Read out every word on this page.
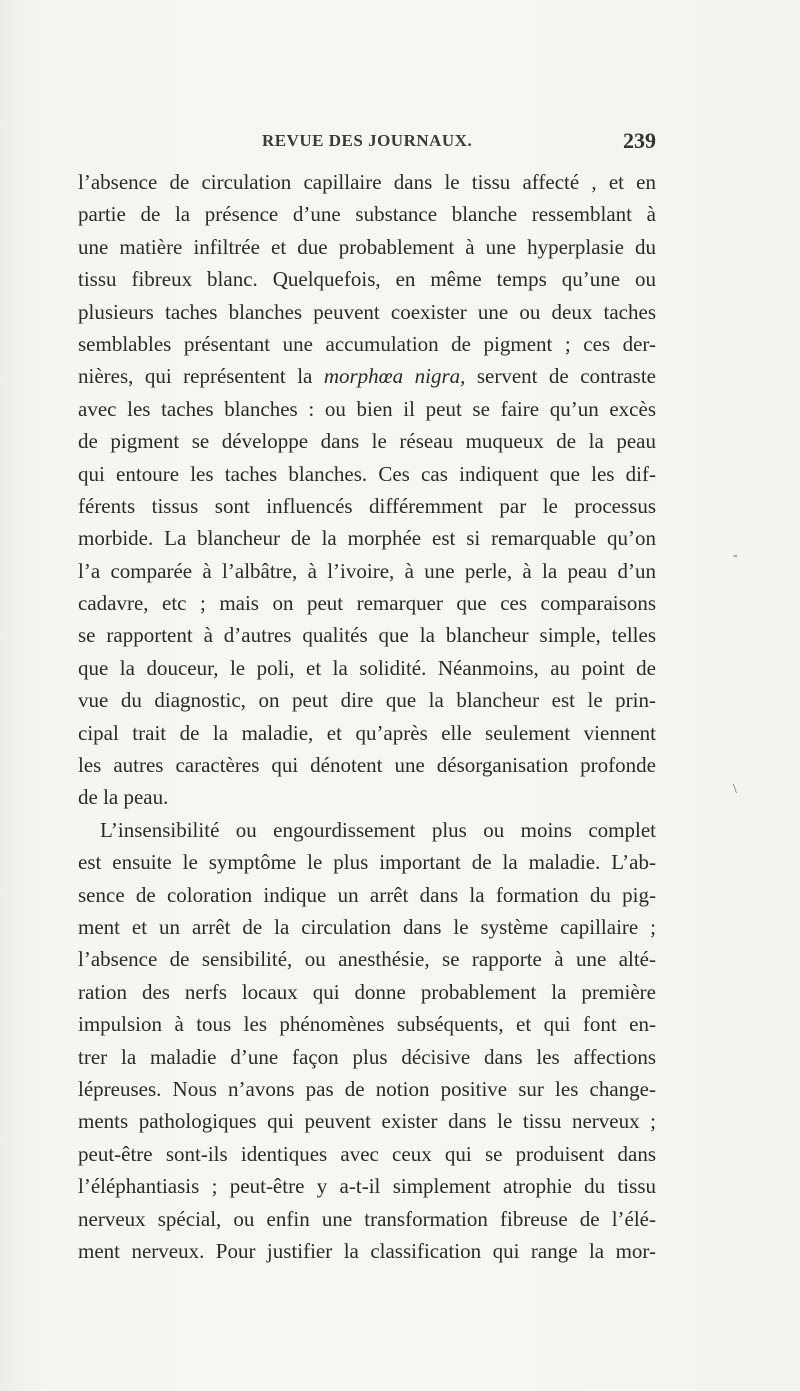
REVUE DES JOURNAUX.	239
l’absence de circulation capillaire dans le tissu affecté , et en
partie de la présence d’une substance blanche ressemblant à
une matière infiltrée et due probablement à une hyperplasie du
tissu fibreux blanc. Quelquefois, en même temps qu’une ou
plusieurs taches blanches peuvent coexister une ou deux taches
semblables présentant une accumulation de pigment ; ces der-
nières, qui représentent la morphœa nigra, servent de contraste
avec les taches blanches : ou bien il peut se faire qu’un excès
de pigment se développe dans le réseau muqueux de la peau
qui entoure les taches blanches. Ces cas indiquent que les dif-
férents tissus sont influencés différemment par le processus
morbide. La blancheur de la morphée est si remarquable qu’on
l’a comparée à l’albâtre, à l’ivoire, à une perle, à la peau d’un
cadavre, etc ; mais on peut remarquer que ces comparaisons
se rapportent à d’autres qualités que la blancheur simple, telles
que la douceur, le poli, et la solidité. Néanmoins, au point de
vue du diagnostic, on peut dire que la blancheur est le prin-
cipal trait de la maladie, et qu’après elle seulement viennent
les autres caractères qui dénotent une désorganisation profonde
de la peau.
L’insensibilité ou engourdissement plus ou moins complet
est ensuite le symptôme le plus important de la maladie. L’ab-
sence de coloration indique un arrêt dans la formation du pig-
ment et un arrêt de la circulation dans le système capillaire ;
l’absence de sensibilité, ou anesthésie, se rapporte à une alté-
ration des nerfs locaux qui donne probablement la première
impulsion à tous les phénomènes subséquents, et qui font en-
trer la maladie d’une façon plus décisive dans les affections
lépreuses. Nous n’avons pas de notion positive sur les change-
ments pathologiques qui peuvent exister dans le tissu nerveux ;
peut-être sont-ils identiques avec ceux qui se produisent dans
l’éléphantiasis ; peut-être y a-t-il simplement atrophie du tissu
nerveux spécial, ou enfin une transformation fibreuse de l’élé-
ment nerveux. Pour justifier la classification qui range la mor-
-
\
